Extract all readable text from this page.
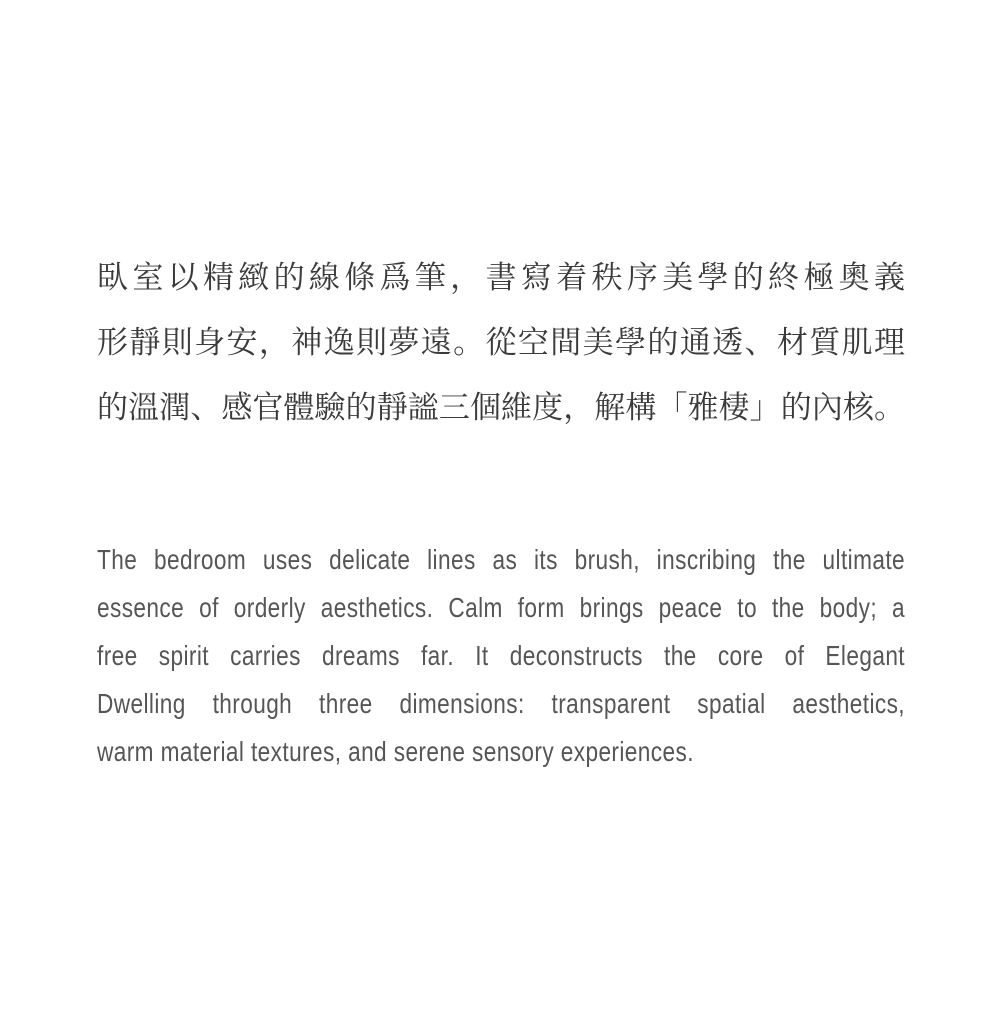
臥室以精緻的線條爲筆，書寫着秩序美學的終極奧義
形靜則身安，神逸則夢遠。從空間美學的通透、材質肌理
的溫潤、感官體驗的靜謐三個維度，解構「雅棲」的內核。
The bedroom uses delicate lines as its brush, inscribing the ultimate
essence of orderly aesthetics. Calm form brings peace to the body; a
free spirit carries dreams far. It deconstructs the core of Elegant
Dwelling through three dimensions: transparent spatial aesthetics,
warm material textures, and serene sensory experiences.
